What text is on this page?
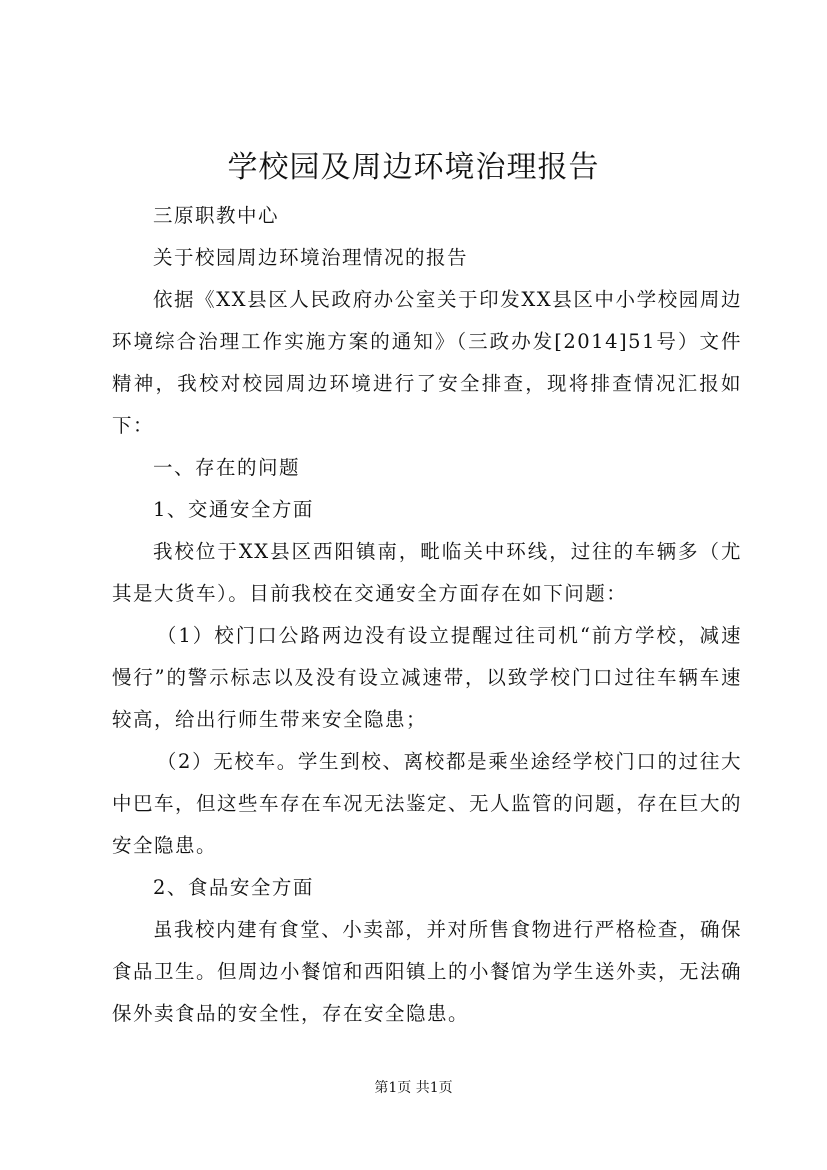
学校园及周边环境治理报告

三原职教中心

关于校园周边环境治理情况的报告

依据《XX县区人民政府办公室关于印发XX县区中小学校园周边环境综合治理工作实施方案的通知》（三政办发[2014]51号）文件精神，我校对校园周边环境进行了安全排查，现将排查情况汇报如下：

一、存在的问题

1、交通安全方面

我校位于XX县区西阳镇南，毗临关中环线，过往的车辆多（尤其是大货车）。目前我校在交通安全方面存在如下问题：

（1）校门口公路两边没有设立提醒过往司机“前方学校，减速慢行”的警示标志以及没有设立减速带，以致学校门口过往车辆车速较高，给出行师生带来安全隐患；

（2）无校车。学生到校、离校都是乘坐途经学校门口的过往大中巴车，但这些车存在车况无法鉴定、无人监管的问题，存在巨大的安全隐患。

2、食品安全方面

虽我校内建有食堂、小卖部，并对所售食物进行严格检查，确保食品卫生。但周边小餐馆和西阳镇上的小餐馆为学生送外卖，无法确保外卖食品的安全性，存在安全隐患。

第1页 共1页
